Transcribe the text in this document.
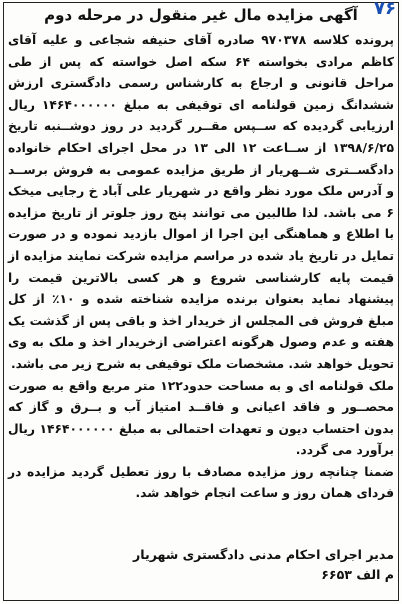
۷۶
آگهی مزایده مال غیر منقول در مرحله دوم

پرونده کلاسه ۹۷۰۳۷۸ صادره آقای حنیفه شجاعی و علیه آقای کاظم مرادی بخواسته ۶۴ سکه اصل خواسته که پس از طی مراحل قانونی و ارجاع به کارشناس رسمی دادگستری ارزش ششدانگ زمین قولنامه ای توقیفی به مبلغ ۱۴۶۴۰۰۰۰۰۰ ریال ارزیابی گردیده که ســپس مقــرر گردید در روز دوشــنبه تاریخ ۱۳۹۸/۶/۲۵ از ســاعت ۱۲ الی ۱۳ در محل اجرای احکام خانواده دادگســتری شــهریار از طریق مزایده عمومی به فروش برســد و آدرس ملک مورد نظر واقع در شهریار علی آباد خ رجایی میخک ۶ می باشد. لذا طالبین می توانند پنج روز جلوتر از تاریخ مزایده با اطلاع و هماهنگی این اجرا از اموال بازدید نموده و در صورت تمایل در تاریخ یاد شده در مراسم مزایده شرکت نمایند مزایده از قیمت پایه کارشناسی شروع و هر کسی بالاترین قیمت را پیشنهاد نماید بعنوان برنده مزایده شناخته شده و ۱۰٪ از کل مبلغ فروش فی المجلس از خریدار اخذ و باقی پس از گذشت یک هفته و عدم وصول هرگونه اعتراضی ازخریدار اخذ و ملک به وی تحویل خواهد شد. مشخصات ملک توقیفی به شرح زیر می باشد.

ملک قولنامه ای و به مساحت حدود۱۲۲ متر مربع واقع به صورت محصــور و فاقد اعیانی و فاقــد امتیاز آب و بــرق و گاز که بدون احتساب دیون و تعهدات احتمالی به مبلغ ۱۴۶۴۰۰۰۰۰۰ ریال برآورد می گردد.

ضمنا چنانچه روز مزایده مصادف با روز تعطیل گردید مزایده در فردای همان روز و ساعت انجام خواهد شد.

مدیر اجرای احکام مدنی دادگستری شهریار
م الف ۶۶۵۳
